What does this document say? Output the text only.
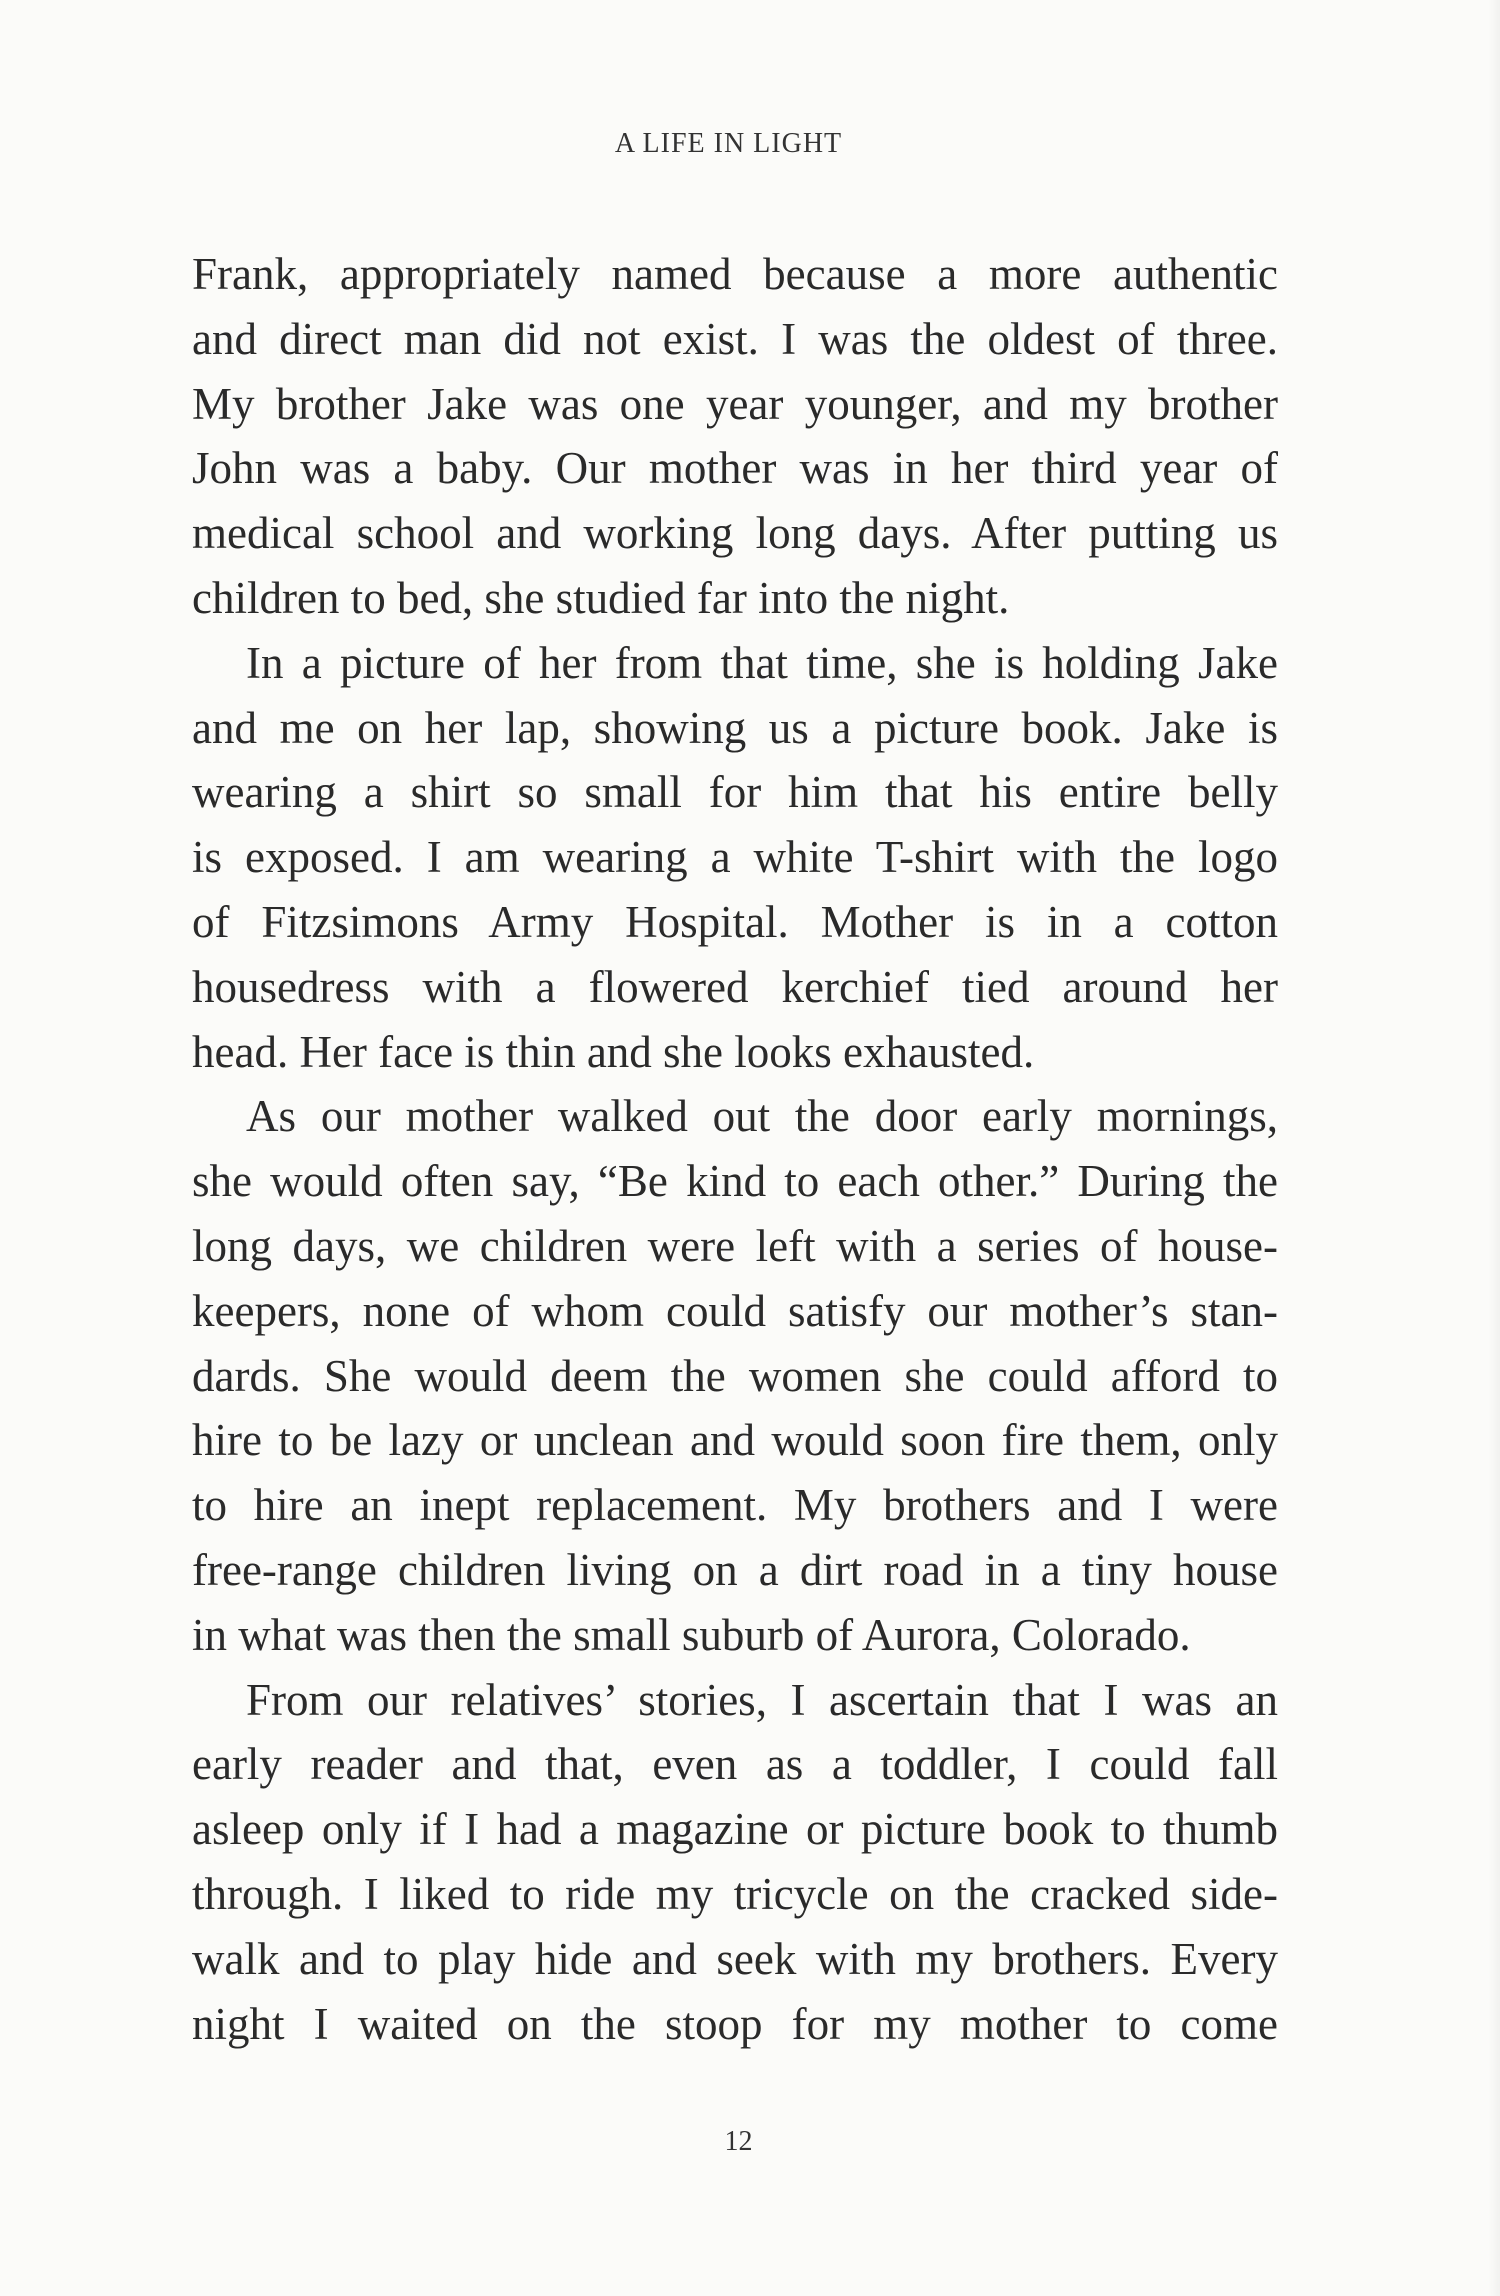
A LIFE IN LIGHT
Frank, appropriately named because a more authentic
and direct man did not exist. I was the oldest of three.
My brother Jake was one year younger, and my brother
John was a baby. Our mother was in her third year of
medical school and working long days. After putting us
children to bed, she studied far into the night.
In a picture of her from that time, she is holding Jake
and me on her lap, showing us a picture book. Jake is
wearing a shirt so small for him that his entire belly
is exposed. I am wearing a white T-shirt with the logo
of Fitzsimons Army Hospital. Mother is in a cotton
housedress with a flowered kerchief tied around her
head. Her face is thin and she looks exhausted.
As our mother walked out the door early mornings,
she would often say, “Be kind to each other.” During the
long days, we children were left with a series of house-
keepers, none of whom could satisfy our mother’s stan-
dards. She would deem the women she could afford to
hire to be lazy or unclean and would soon fire them, only
to hire an inept replacement. My brothers and I were
free-range children living on a dirt road in a tiny house
in what was then the small suburb of Aurora, Colorado.
From our relatives’ stories, I ascertain that I was an
early reader and that, even as a toddler, I could fall
asleep only if I had a magazine or picture book to thumb
through. I liked to ride my tricycle on the cracked side-
walk and to play hide and seek with my brothers. Every
night I waited on the stoop for my mother to come
12
